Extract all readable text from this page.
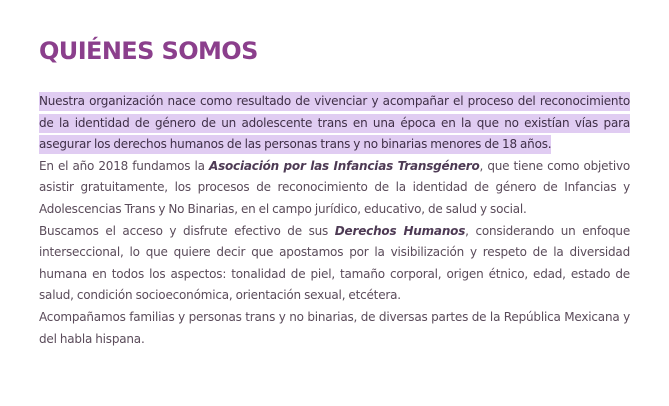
QUIÉNES SOMOS

Nuestra organización nace como resultado de vivenciar y acompañar el proceso del reconocimiento de la identidad de género de un adolescente trans en una época en la que no existían vías para asegurar los derechos humanos de las personas trans y no binarias menores de 18 años.

En el año 2018 fundamos la Asociación por las Infancias Transgénero, que tiene como objetivo asistir gratuitamente, los procesos de reconocimiento de la identidad de género de Infancias y Adolescencias Trans y No Binarias, en el campo jurídico, educativo, de salud y social.

Buscamos el acceso y disfrute efectivo de sus Derechos Humanos, considerando un enfoque interseccional, lo que quiere decir que apostamos por la visibilización y respeto de la diversidad humana en todos los aspectos: tonalidad de piel, tamaño corporal, origen étnico, edad, estado de salud, condición socioeconómica, orientación sexual, etcétera.

Acompañamos familias y personas trans y no binarias, de diversas partes de la República Mexicana y del habla hispana.
